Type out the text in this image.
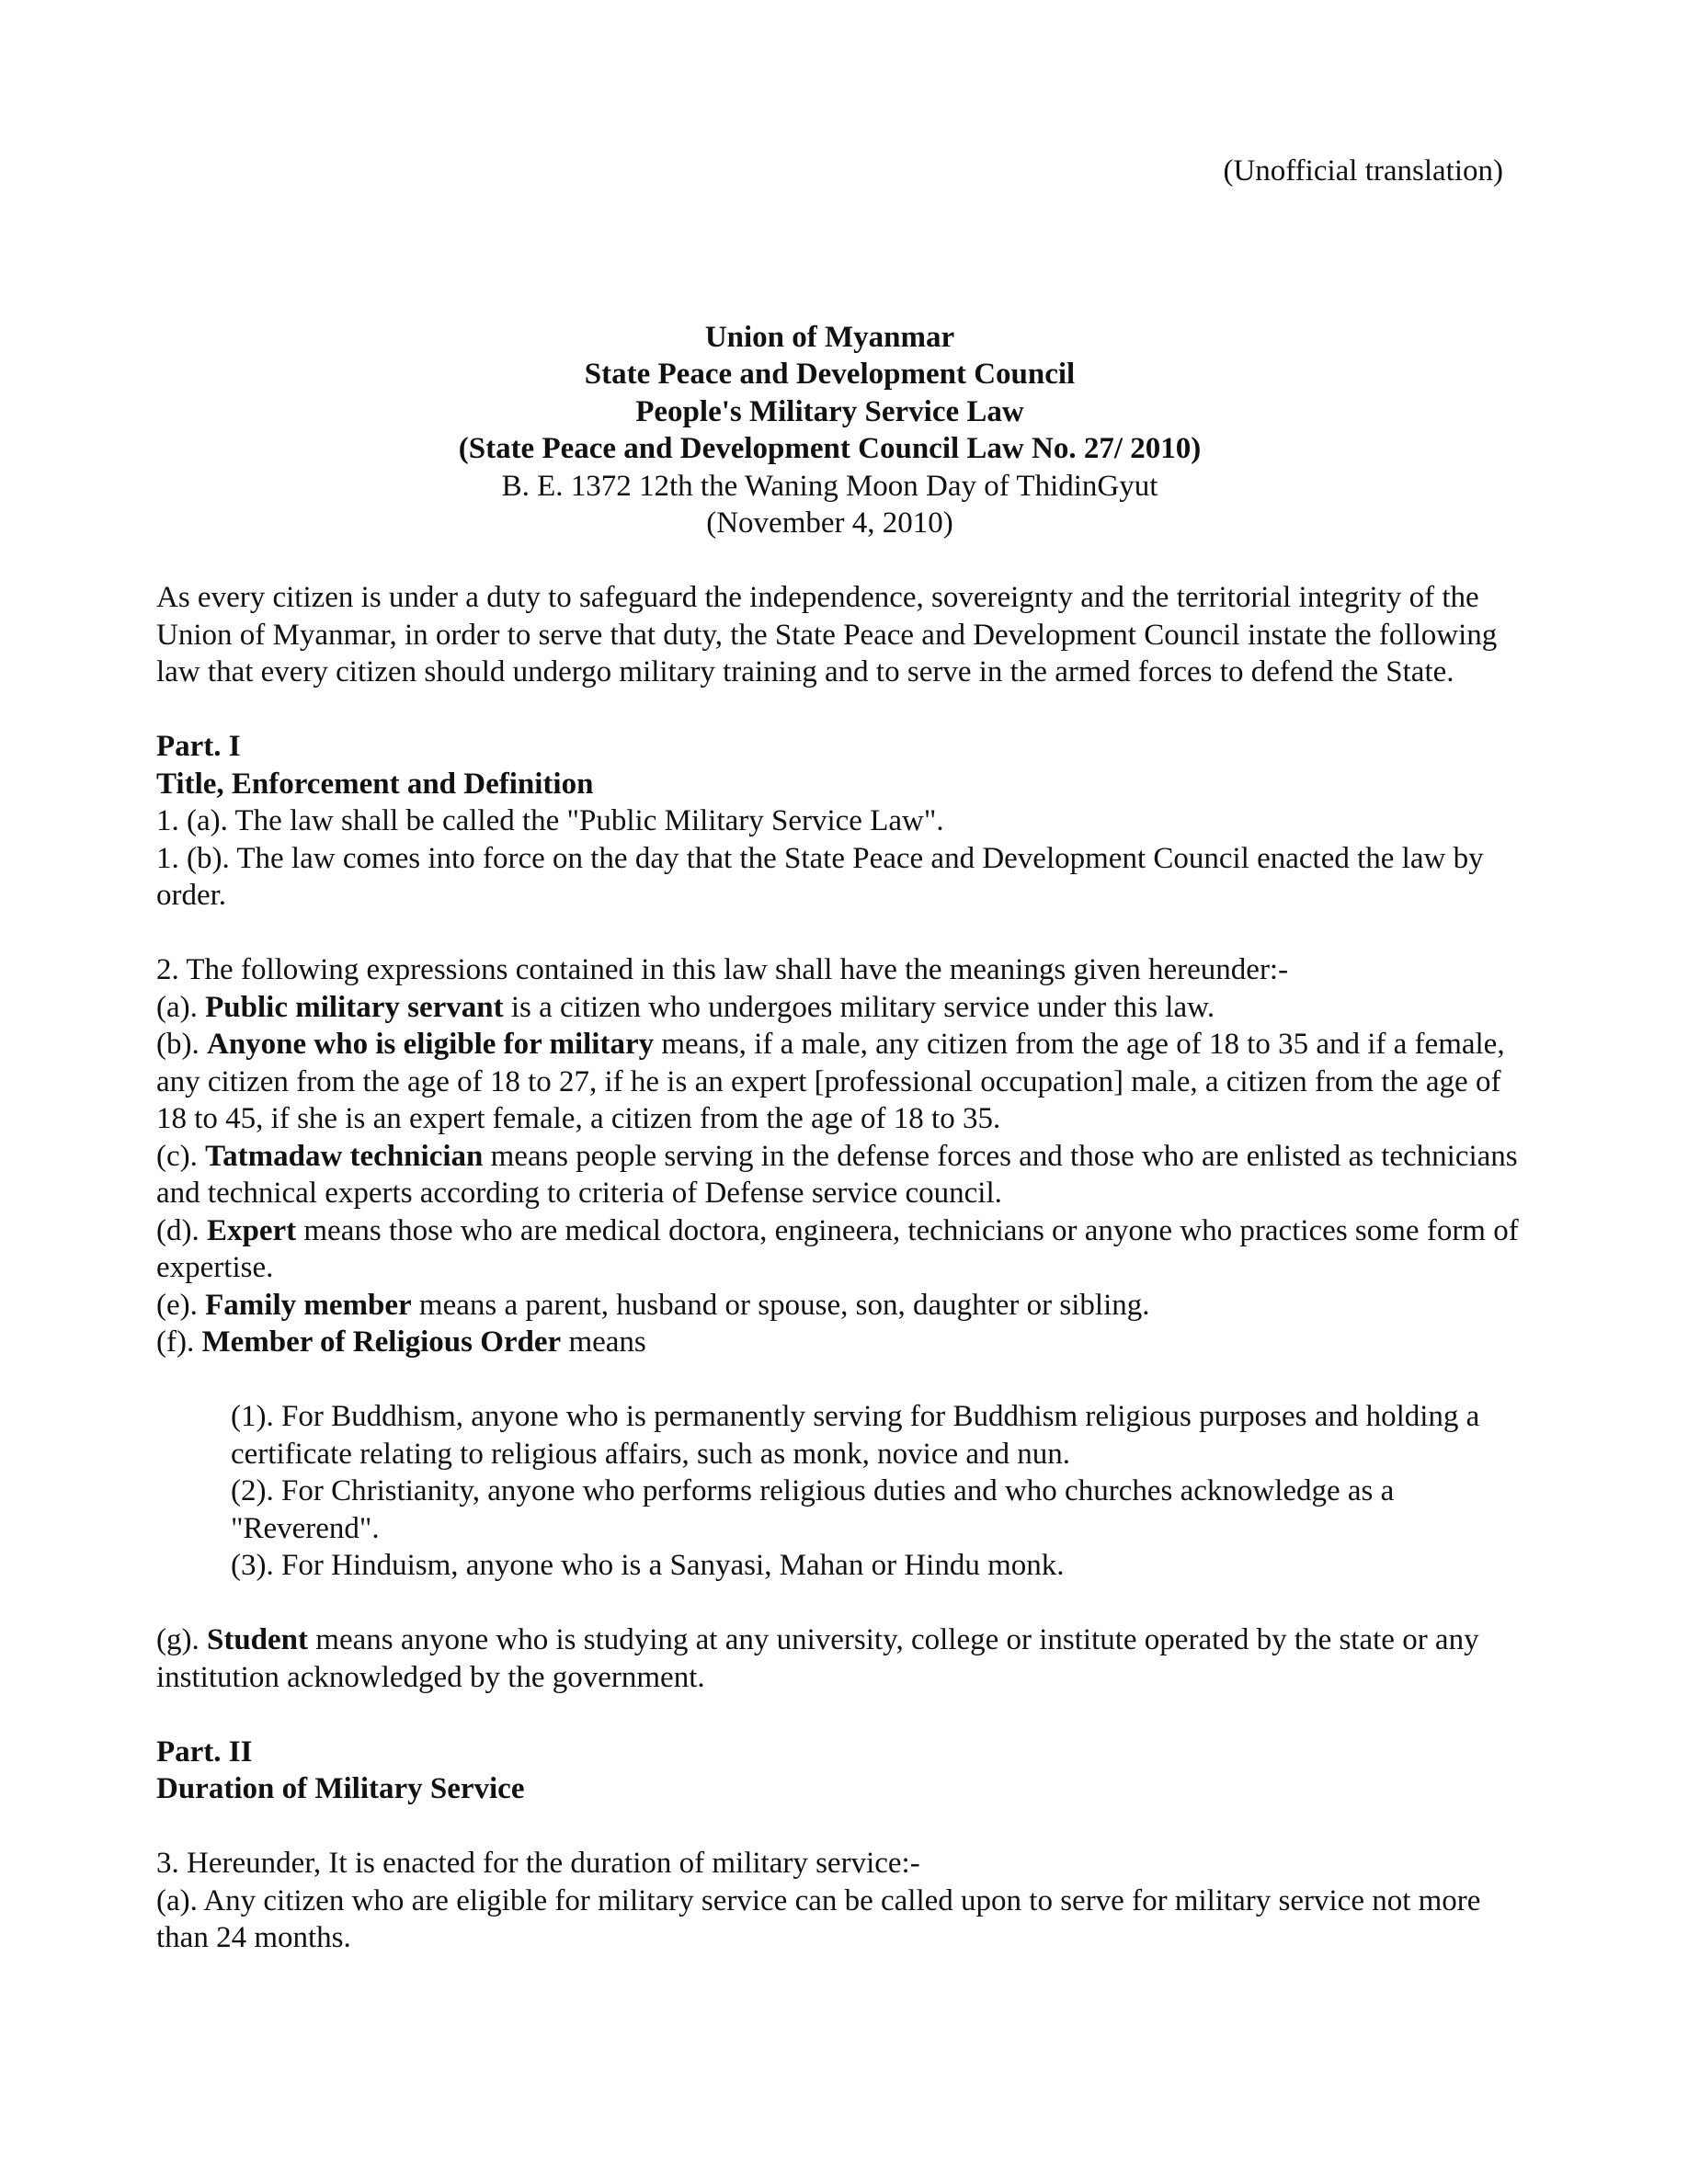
(Unofficial translation)

Union of Myanmar

State Peace and Development Council

People's Military Service Law

(State Peace and Development Council Law No. 27/ 2010)

B. E. 1372 12th the Waning Moon Day of ThidinGyut

(November 4, 2010)

As every citizen is under a duty to safeguard the independence, sovereignty and the territorial integrity of the Union of Myanmar, in order to serve that duty, the State Peace and Development Council instate the following law that every citizen should undergo military training and to serve in the armed forces to defend the State.

Part. I

Title, Enforcement and Definition

1. (a). The law shall be called the "Public Military Service Law".

1. (b). The law comes into force on the day that the State Peace and Development Council enacted the law by order.

2. The following expressions contained in this law shall have the meanings given hereunder:-

(a). Public military servant is a citizen who undergoes military service under this law.

(b). Anyone who is eligible for military means, if a male, any citizen from the age of 18 to 35 and if a female, any citizen from the age of 18 to 27, if he is an expert [professional occupation] male, a citizen from the age of 18 to 45, if she is an expert female, a citizen from the age of 18 to 35.

(c). Tatmadaw technician means people serving in the defense forces and those who are enlisted as technicians and technical experts according to criteria of Defense service council.

(d). Expert means those who are medical doctora, engineera, technicians or anyone who practices some form of expertise.

(e). Family member means a parent, husband or spouse, son, daughter or sibling.

(f). Member of Religious Order means

(1). For Buddhism, anyone who is permanently serving for Buddhism religious purposes and holding a certificate relating to religious affairs, such as monk, novice and nun.

(2). For Christianity, anyone who performs religious duties and who churches acknowledge as a "Reverend".

(3). For Hinduism, anyone who is a Sanyasi, Mahan or Hindu monk.

(g). Student means anyone who is studying at any university, college or institute operated by the state or any institution acknowledged by the government.

Part. II

Duration of Military Service

3. Hereunder, It is enacted for the duration of military service:-

(a). Any citizen who are eligible for military service can be called upon to serve for military service not more than 24 months.
